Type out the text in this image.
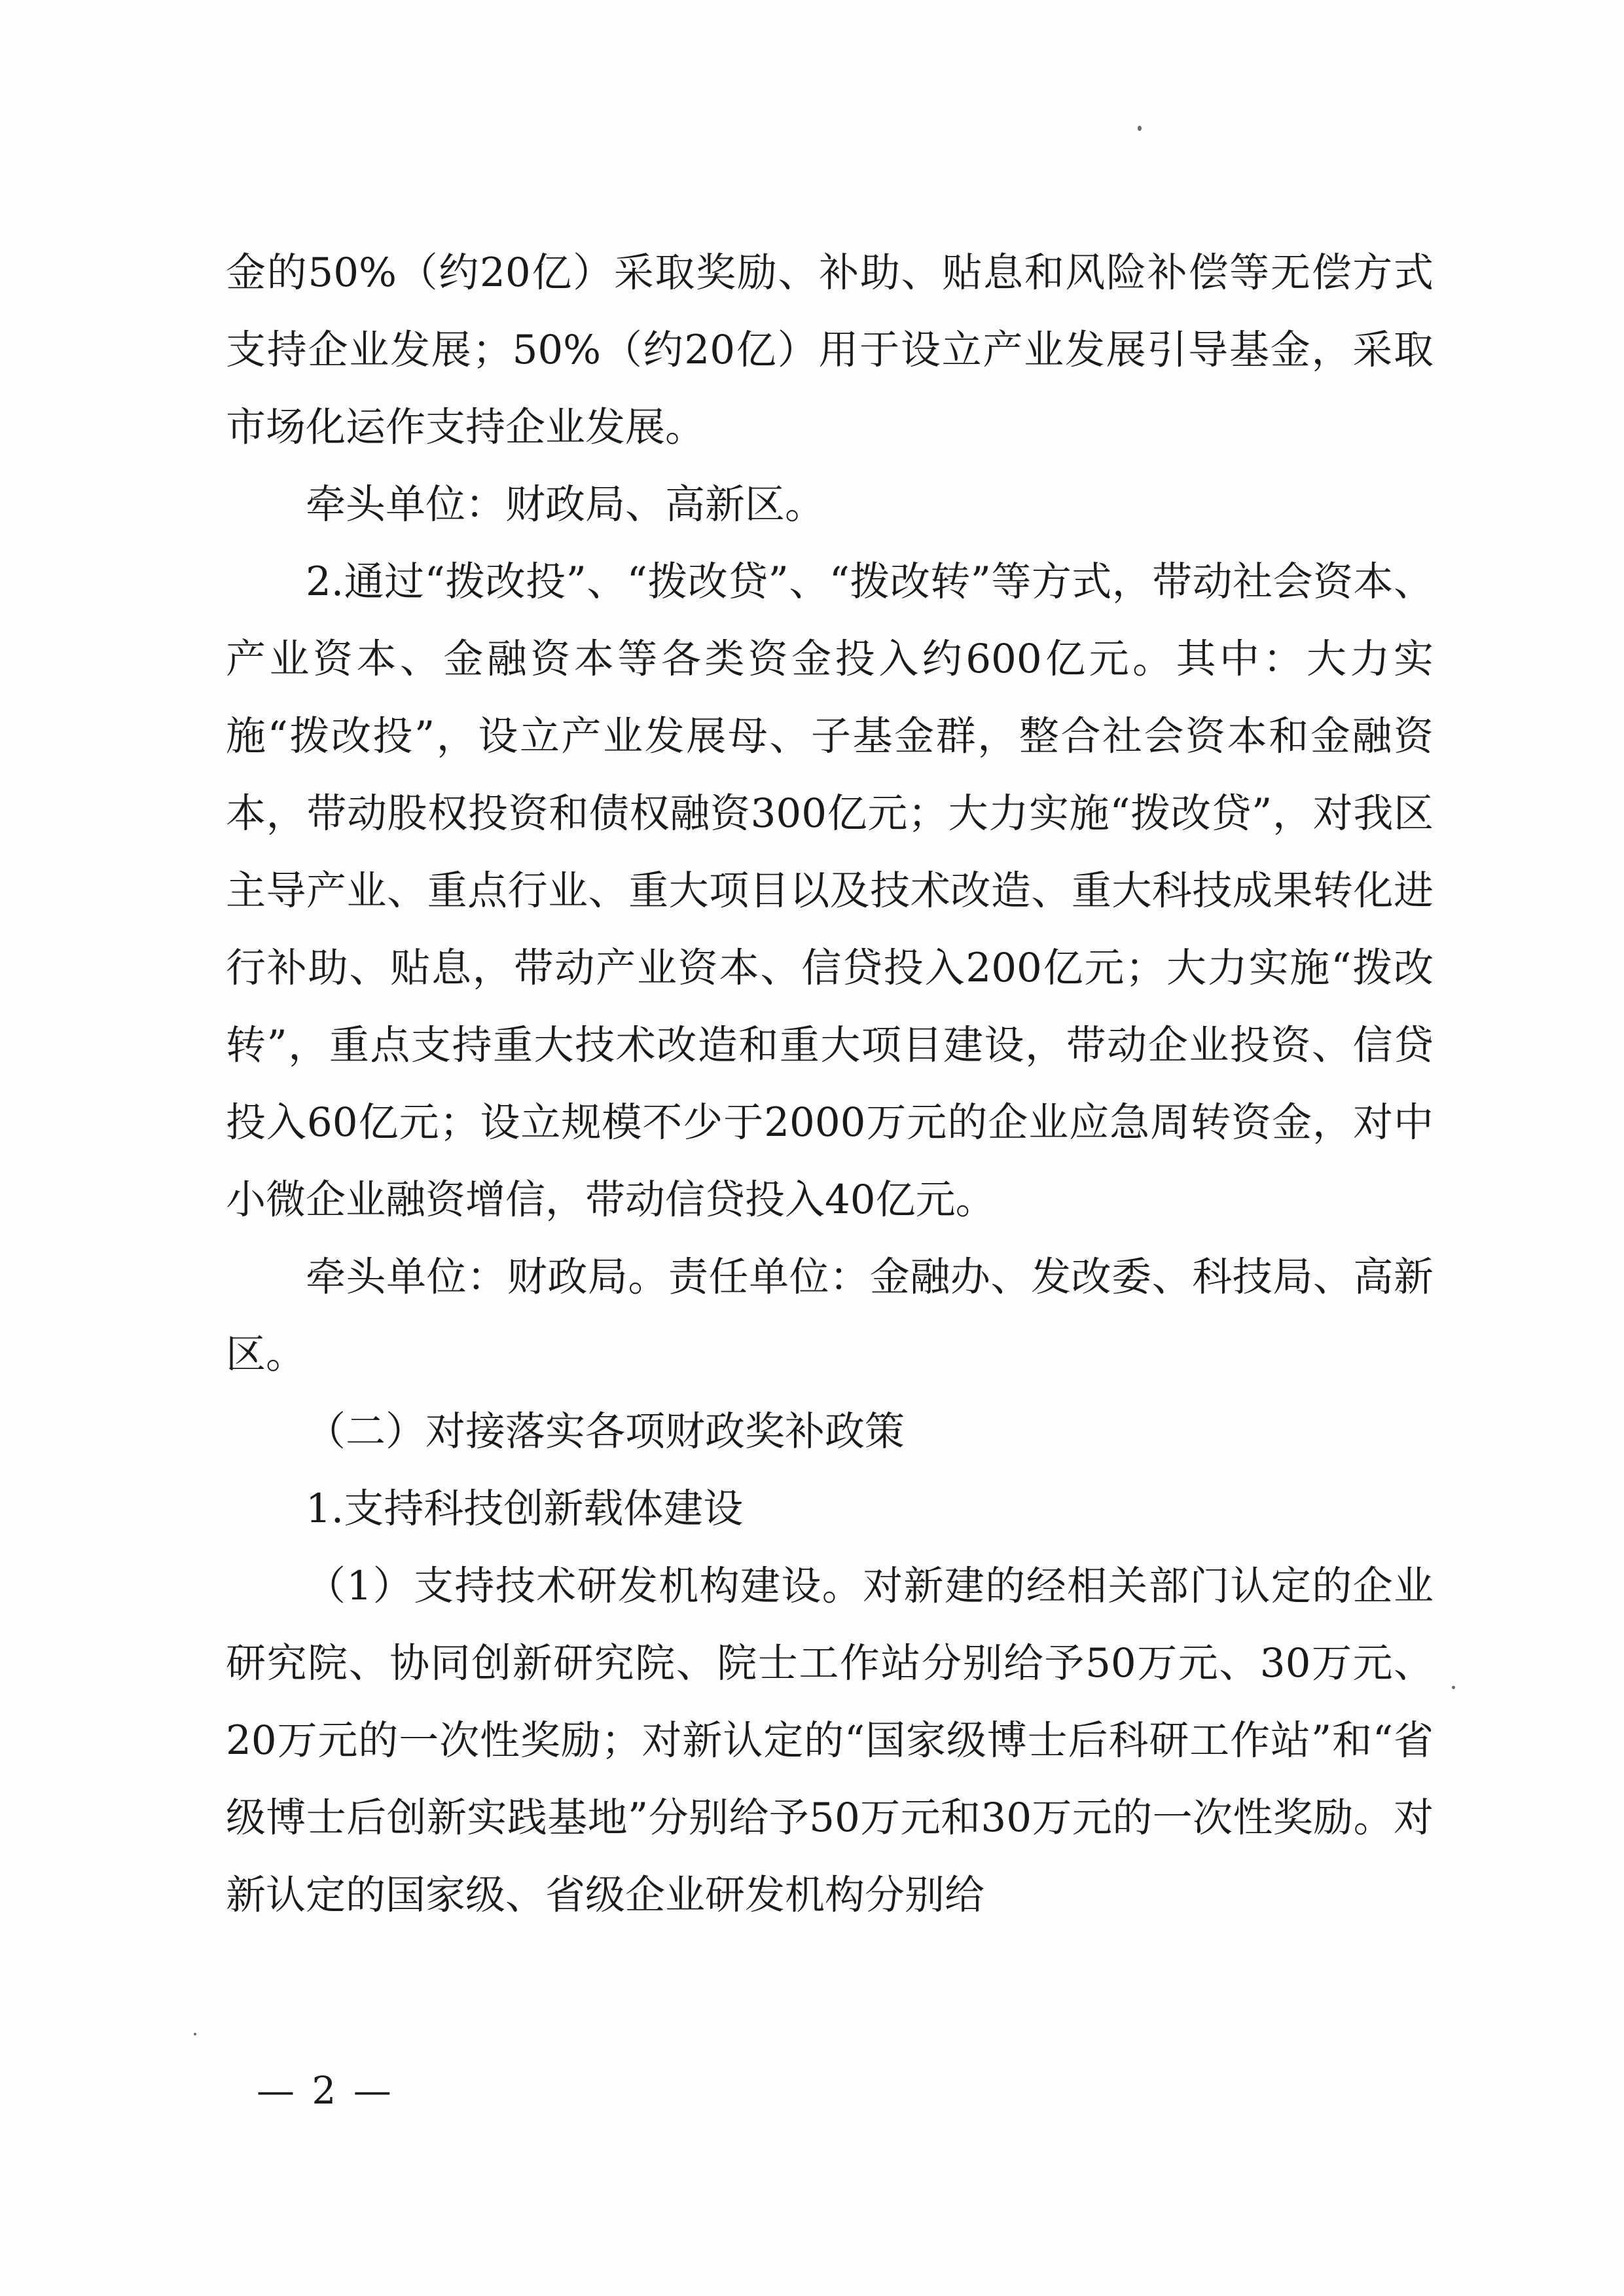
金的50%（约20亿）采取奖励、补助、贴息和风险补偿等无偿方式支持企业发展；50%（约20亿）用于设立产业发展引导基金，采取市场化运作支持企业发展。

牵头单位：财政局、高新区。

2.通过“拨改投”、“拨改贷”、“拨改转”等方式，带动社会资本、产业资本、金融资本等各类资金投入约600亿元。其中：大力实施“拨改投”，设立产业发展母、子基金群，整合社会资本和金融资本，带动股权投资和债权融资300亿元；大力实施“拨改贷”，对我区主导产业、重点行业、重大项目以及技术改造、重大科技成果转化进行补助、贴息，带动产业资本、信贷投入200亿元；大力实施“拨改转”，重点支持重大技术改造和重大项目建设，带动企业投资、信贷投入60亿元；设立规模不少于2000万元的企业应急周转资金，对中小微企业融资增信，带动信贷投入40亿元。

牵头单位：财政局。责任单位：金融办、发改委、科技局、高新区。

（二）对接落实各项财政奖补政策

1.支持科技创新载体建设

（1）支持技术研发机构建设。对新建的经相关部门认定的企业研究院、协同创新研究院、院士工作站分别给予50万元、30万元、20万元的一次性奖励；对新认定的“国家级博士后科研工作站”和“省级博士后创新实践基地”分别给予50万元和30万元的一次性奖励。对新认定的国家级、省级企业研发机构分别给

— 2 —
